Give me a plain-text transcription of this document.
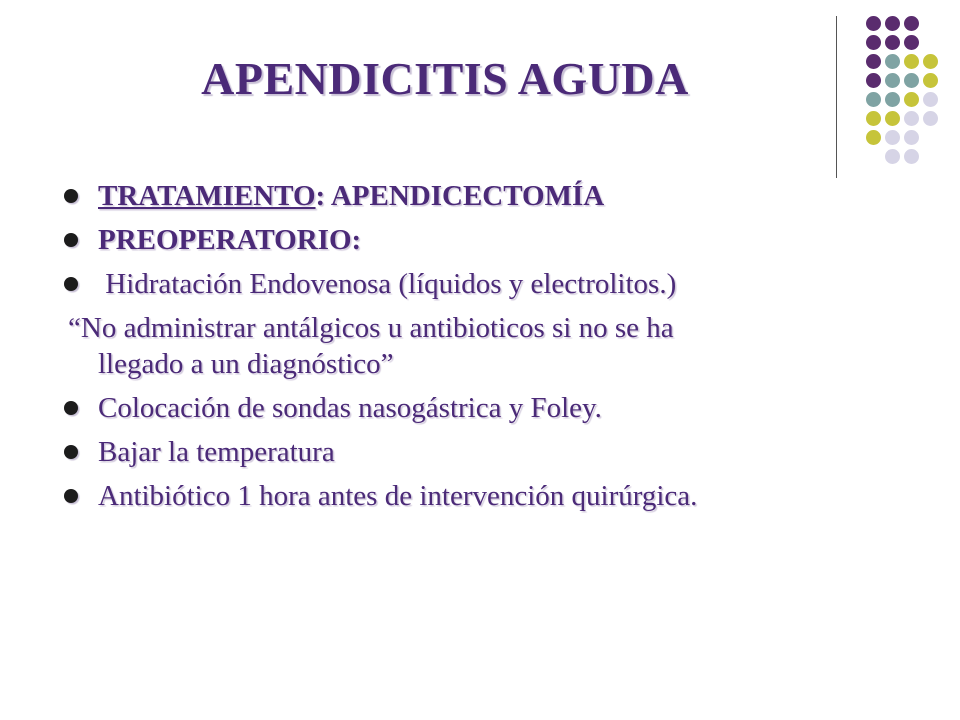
APENDICITIS AGUDA
TRATAMIENTO: APENDICECTOMÍA
PREOPERATORIO:
Hidratación Endovenosa (líquidos y electrolitos.)
“No administrar antálgicos u antibioticos si no se ha
llegado a un diagnóstico”
Colocación de sondas nasogástrica y Foley.
Bajar la temperatura
Antibiótico 1 hora antes de intervención quirúrgica.
